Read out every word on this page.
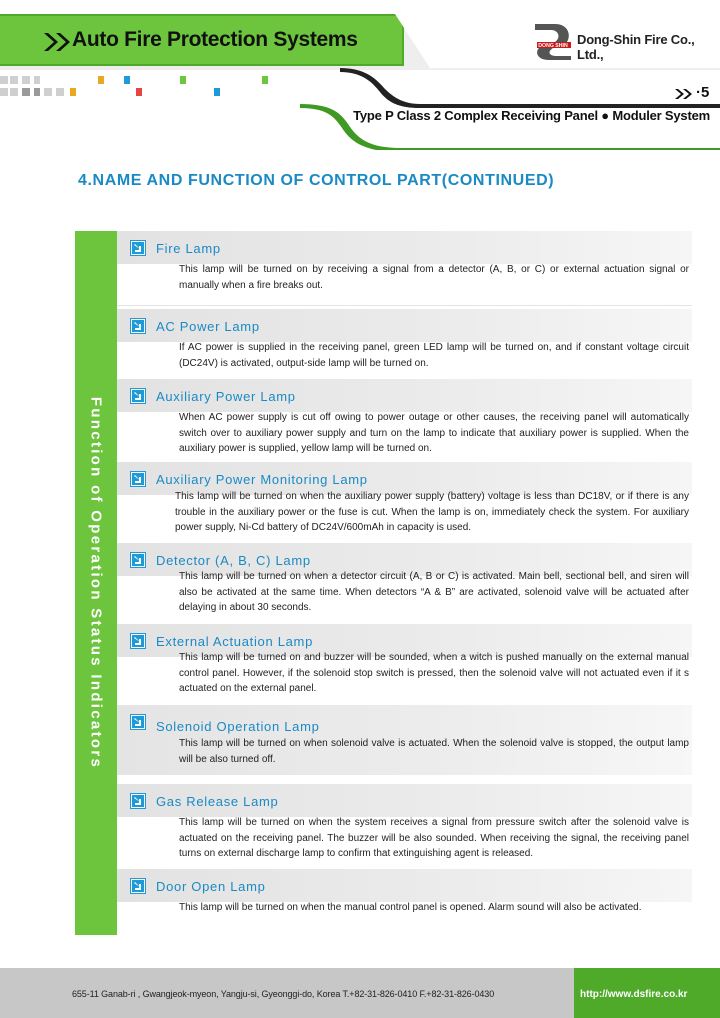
Auto Fire Protection Systems	DONG SHIN Dong-Shin Fire Co., Ltd.,
·5
Type P Class 2 Complex Receiving Panel ● Moduler System
4.NAME AND FUNCTION OF CONTROL PART(CONTINUED)
Function of Operation Status Indicators
Fire Lamp
This lamp will be turned on by receiving a signal from a detector (A, B, or C) or external actuation signal or manually when a fire breaks out.
AC Power Lamp
If AC power is supplied in the receiving panel, green LED lamp will be turned on, and if constant voltage circuit (DC24V) is activated, output-side lamp will be turned on.
Auxiliary Power Lamp
When AC power supply is cut off owing to power outage or other causes, the receiving panel will automatically switch over to auxiliary power supply and turn on the lamp to indicate that auxiliary power is supplied. When the auxiliary power is supplied, yellow lamp will be turned on.
Auxiliary Power Monitoring Lamp
This lamp will be turned on when the auxiliary power supply (battery) voltage is less than DC18V, or if there is any trouble in the auxiliary power or the fuse is cut. When the lamp is on, immediately check the system. For auxiliary power supply, Ni-Cd battery of DC24V/600mAh in capacity is used.
Detector (A, B, C) Lamp
This lamp will be turned on when a detector circuit (A, B or C) is activated. Main bell, sectional bell, and siren will also be activated at the same time. When detectors “A & B” are activated, solenoid valve will be actuated after delaying in about 30 seconds.
External Actuation Lamp
This lamp will be turned on and buzzer will be sounded, when a witch is pushed manually on the external manual control panel. However, if the solenoid stop switch is pressed, then the solenoid valve will not actuated even if it s actuated on the external panel.
Solenoid Operation Lamp
This lamp will be turned on when solenoid valve is actuated. When the solenoid valve is stopped, the output lamp will be also turned off.
Gas Release Lamp
This lamp will be turned on when the system receives a signal from pressure switch after the solenoid valve is actuated on the receiving panel. The buzzer will be also sounded. When receiving the signal, the receiving panel turns on external discharge lamp to confirm that extinguishing agent is released.
Door Open Lamp
This lamp will be turned on when the manual control panel is opened. Alarm sound will also be activated.
655-11 Ganab-ri , Gwangjeok-myeon, Yangju-si, Gyeonggi-do, Korea T.+82-31-826-0410 F.+82-31-826-0430	http://www.dsfire.co.kr
